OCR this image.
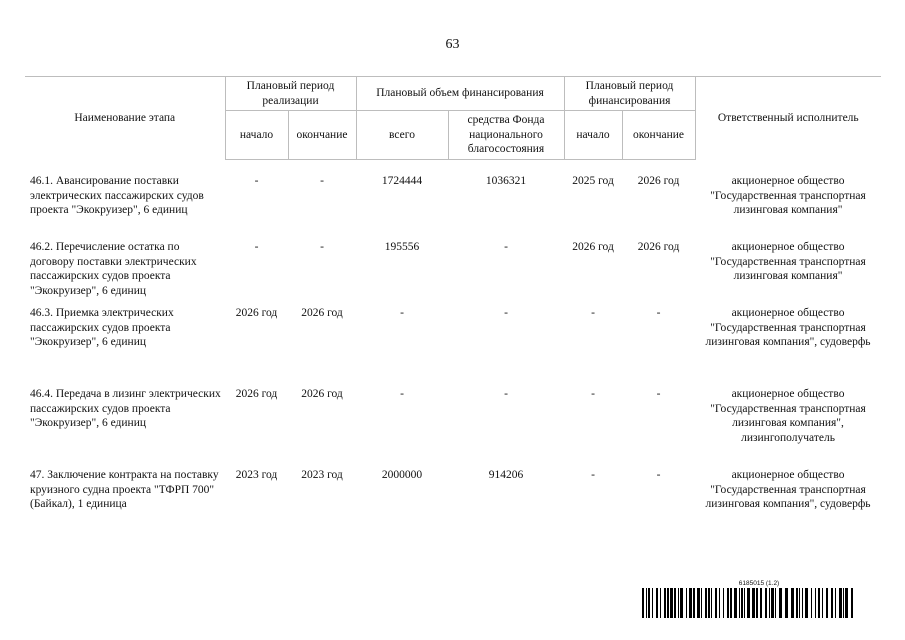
63
Наименование этапа	Плановый период реализации		Плановый объем финансирования		Плановый период финансирования		Ответственный исполнитель
	начало	окончание	всего	средства Фонда национального благосостояния	начало	окончание	

46.1. Авансирование поставки электрических пассажирских судов проекта "Экокруизер", 6 единиц	-	-	1724444	1036321	2025 год	2026 год	акционерное общество "Государственная транспортная лизинговая компания"
46.2. Перечисление остатка по договору поставки электрических пассажирских судов проекта "Экокруизер", 6 единиц	-	-	195556	-	2026 год	2026 год	акционерное общество "Государственная транспортная лизинговая компания"
46.3. Приемка электрических пассажирских судов проекта "Экокруизер", 6 единиц	2026 год	2026 год	-	-	-	-	акционерное общество "Государственная транспортная лизинговая компания", судоверфь
46.4. Передача в лизинг электрических пассажирских судов проекта "Экокруизер", 6 единиц	2026 год	2026 год	-	-	-	-	акционерное общество "Государственная транспортная лизинговая компания", лизингополучатель
47. Заключение контракта на поставку круизного судна проекта "ТФРП 700" (Байкал), 1 единица	2023 год	2023 год	2000000	914206	-	-	акционерное общество "Государственная транспортная лизинговая компания", судоверфь
6185015 (1.2)
